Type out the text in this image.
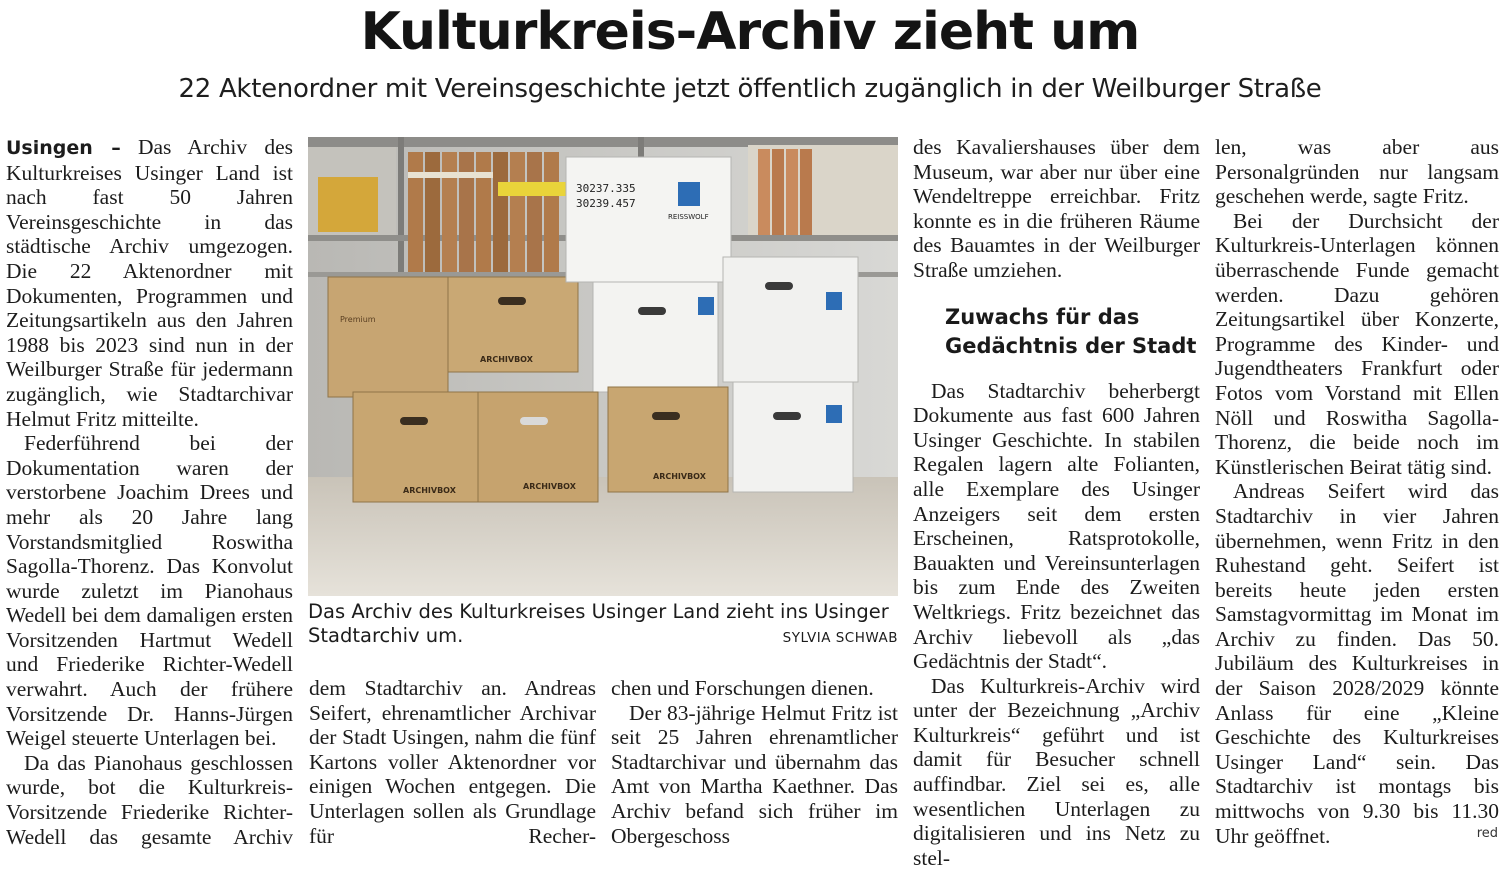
Kulturkreis-Archiv zieht um
22 Aktenordner mit Vereinsgeschichte jetzt öffentlich zugänglich in der Weilburger Straße

Usingen – Das Archiv des Kulturkreises Usinger Land ist nach fast 50 Jahren Vereinsgeschichte in das städtische Archiv umgezogen. Die 22 Aktenordner mit Dokumenten, Programmen und Zeitungsartikeln aus den Jahren 1988 bis 2023 sind nun in der Weilburger Straße für jedermann zugänglich, wie Stadtarchivar Helmut Fritz mitteilte.

Federführend bei der Dokumentation waren der verstorbene Joachim Drees und mehr als 20 Jahre lang Vorstandsmitglied Roswitha Sagolla-Thorenz. Das Konvolut wurde zuletzt im Pianohaus Wedell bei dem damaligen ersten Vorsitzenden Hartmut Wedell und Friederike Richter-Wedell verwahrt. Auch der frühere Vorsitzende Dr. Hanns-Jürgen Weigel steuerte Unterlagen bei.

Da das Pianohaus geschlossen wurde, bot die Kulturkreis-Vorsitzende Friederike Richter-Wedell das gesamte Archiv

REISSWOLF
30237.335
30239.457
Premium
ARCHIVBOX
ARCHIVBOX	ARCHIVBOX
ARCHIVBOX
Das Archiv des Kulturkreises Usinger Land zieht ins Usinger Stadtarchiv um.	SYLVIA SCHWAB

dem Stadtarchiv an. Andreas Seifert, ehrenamtlicher Archivar der Stadt Usingen, nahm die fünf Kartons voller Aktenordner vor einigen Wochen entgegen. Die Unterlagen sollen als Grundlage für Recher-

chen und Forschungen dienen.

Der 83-jährige Helmut Fritz ist seit 25 Jahren ehrenamtlicher Stadtarchivar und übernahm das Amt von Martha Kaethner. Das Archiv befand sich früher im Obergeschoss

des Kavaliershauses über dem Museum, war aber nur über eine Wendeltreppe erreichbar. Fritz konnte es in die früheren Räume des Bauamtes in der Weilburger Straße umziehen.

Zuwachs für das Gedächtnis der Stadt

Das Stadtarchiv beherbergt Dokumente aus fast 600 Jahren Usinger Geschichte. In stabilen Regalen lagern alte Folianten, alle Exemplare des Usinger Anzeigers seit dem ersten Erscheinen, Ratsprotokolle, Bauakten und Vereinsunterlagen bis zum Ende des Zweiten Weltkriegs. Fritz bezeichnet das Archiv liebevoll als „das Gedächtnis der Stadt“.

Das Kulturkreis-Archiv wird unter der Bezeichnung „Archiv Kulturkreis“ geführt und ist damit für Besucher schnell auffindbar. Ziel sei es, alle wesentlichen Unterlagen zu digitalisieren und ins Netz zu stel-

len, was aber aus Personalgründen nur langsam geschehen werde, sagte Fritz.

Bei der Durchsicht der Kulturkreis-Unterlagen können überraschende Funde gemacht werden. Dazu gehören Zeitungsartikel über Konzerte, Programme des Kinder- und Jugendtheaters Frankfurt oder Fotos vom Vorstand mit Ellen Nöll und Roswitha Sagolla-Thorenz, die beide noch im Künstlerischen Beirat tätig sind.

Andreas Seifert wird das Stadtarchiv in vier Jahren übernehmen, wenn Fritz in den Ruhestand geht. Seifert ist bereits heute jeden ersten Samstagvormittag im Monat im Archiv zu finden. Das 50. Jubiläum des Kulturkreises in der Saison 2028/2029 könnte Anlass für eine „Kleine Geschichte des Kulturkreises Usinger Land“ sein. Das Stadtarchiv ist montags bis mittwochs von 9.30 bis 11.30 Uhr geöffnet.	red
